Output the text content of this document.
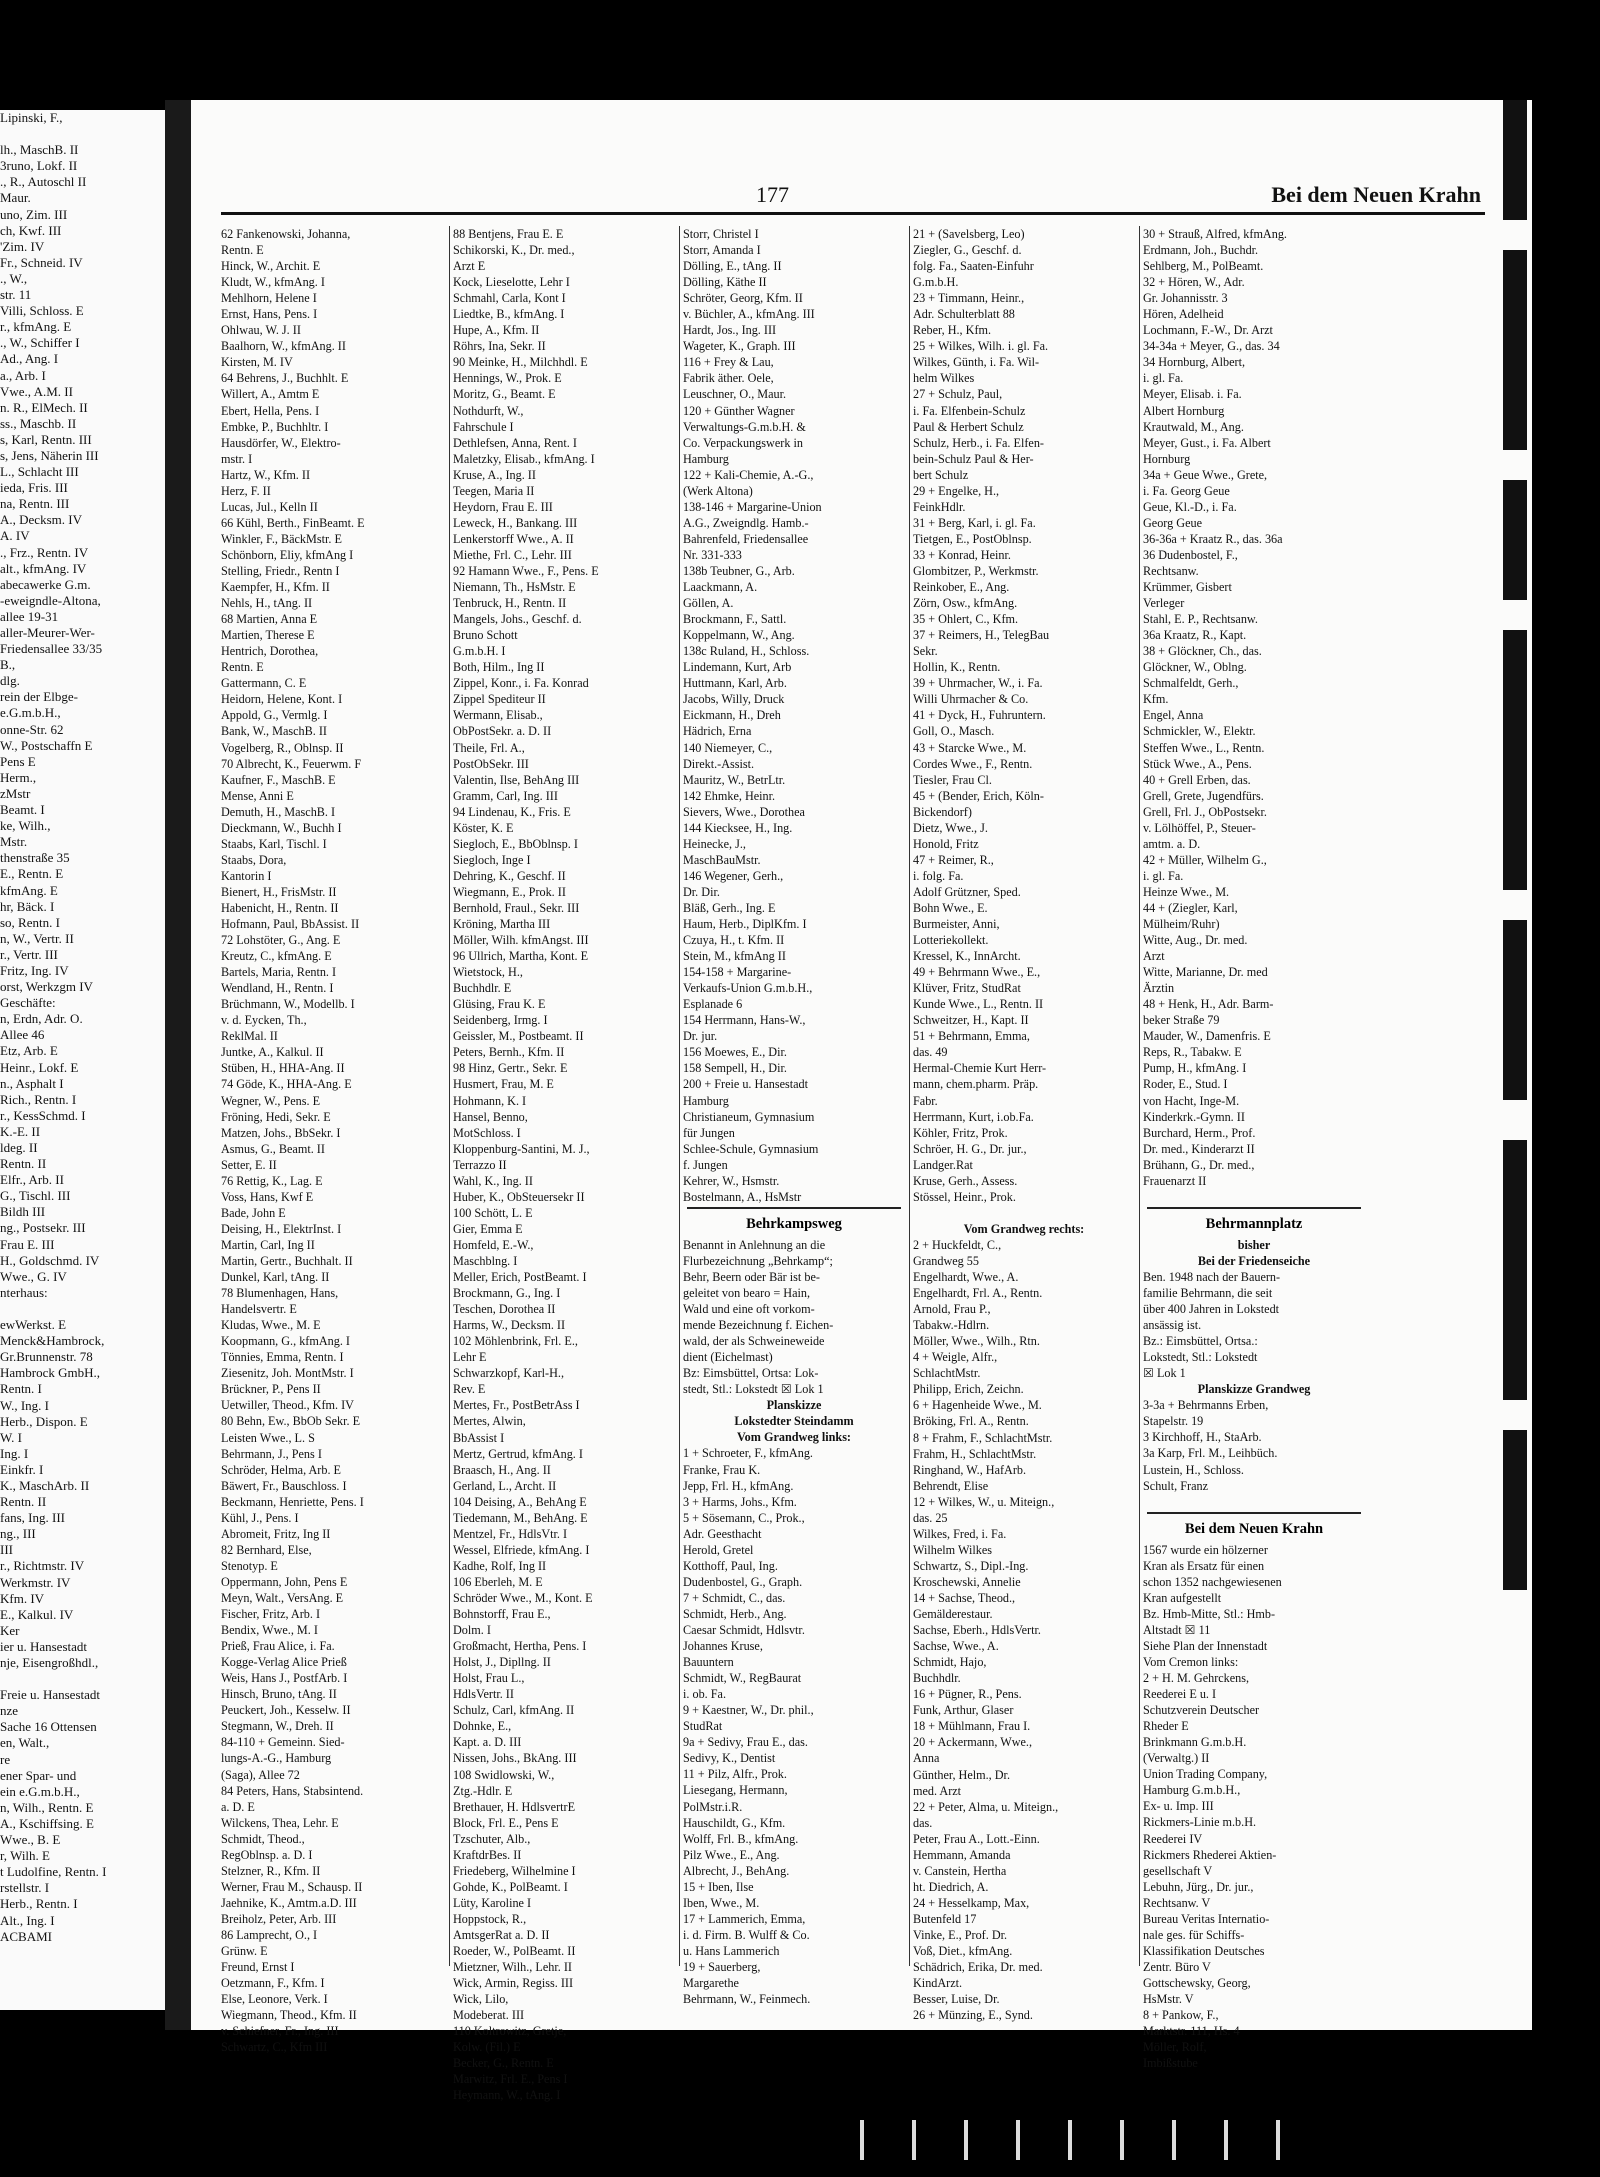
Lipinski, F.,

lh., MaschB. II
3runo, Lokf. II
., R., Autoschl II
Maur.
uno, Zim. III
ch, Kwf. III
'Zim. IV
Fr., Schneid. IV
., W.,
str. 11
Villi, Schloss. E
r., kfmAng. E
., W., Schiffer I
Ad., Ang. I
a., Arb. I
Vwe., A.M. II
n. R., ElMech. II
ss., Maschb. II
s, Karl, Rentn. III
s, Jens, Näherin III
L., Schlacht III
ieda, Fris. III
na, Rentn. III
A., Decksm. IV
A. IV
., Frz., Rentn. IV
alt., kfmAng. IV
abecawerke G.m.
-eweigndle-Altona,
allee 19-31
aller-Meurer-Wer-
Friedensallee 33/35
B.,
dlg.
rein der Elbge-
e.G.m.b.H.,
onne-Str. 62
W., Postschaffn E
Pens E
Herm.,
zMstr
Beamt. I
ke, Wilh.,
Mstr.
thenstraße 35
E., Rentn. E
kfmAng. E
hr, Bäck. I
so, Rentn. I
n, W., Vertr. II
r., Vertr. III
Fritz, Ing. IV
orst, Werkzgm IV
Geschäfte:
n, Erdn, Adr. O.
Allee 46
Etz, Arb. E
Heinr., Lokf. E
n., Asphalt I
Rich., Rentn. I
r., KessSchmd. I
K.-E. II
ldeg. II
Rentn. II
Elfr., Arb. II
G., Tischl. III
Bildh III
ng., Postsekr. III
Frau E. III
H., Goldschmd. IV
Wwe., G. IV
nterhaus:

ewWerkst. E
Menck&Hambrock,
Gr.Brunnenstr. 78
Hambrock GmbH.,
Rentn. I
W., Ing. I
Herb., Dispon. E
W. I
Ing. I
Einkfr. I
K., MaschArb. II
Rentn. II
fans, Ing. III
ng., III
III
r., Richtmstr. IV
Werkmstr. IV
Kfm. IV
E., Kalkul. IV
Ker
ier u. Hansestadt
nje, Eisengroßhdl.,

Freie u. Hansestadt
nze
Sache 16 Ottensen
en, Walt.,
re
ener Spar- und
ein e.G.m.b.H.,
n, Wilh., Rentn. E
A., Kschiffsing. E
Wwe., B. E
r, Wilh. E
t Ludolfine, Rentn. I
rstellstr. I
Herb., Rentn. I
Alt., Ing. I
ACBAMI
177	Bei dem Neuen Krahn
62 Fankenowski, Johanna,
Rentn. E
Hinck, W., Archit. E
Kludt, W., kfmAng. I
Mehlhorn, Helene I
Ernst, Hans, Pens. I
Ohlwau, W. J. II
Baalhorn, W., kfmAng. II
Kirsten, M. IV
64 Behrens, J., Buchhlt. E
Willert, A., Amtm E
Ebert, Hella, Pens. I
Embke, P., Buchhltr. I
Hausdörfer, W., Elektro-
mstr. I
Hartz, W., Kfm. II
Herz, F. II
Lucas, Jul., Kelln II
66 Kühl, Berth., FinBeamt. E
Winkler, F., BäckMstr. E
Schönborn, Eliy, kfmAng I
Stelling, Friedr., Rentn I
Kaempfer, H., Kfm. II
Nehls, H., tAng. II
68 Martien, Anna E
Martien, Therese E
Hentrich, Dorothea,
Rentn. E
Gattermann, C. E
Heidorn, Helene, Kont. I
Appold, G., Vermlg. I
Bank, W., MaschB. II
Vogelberg, R., Oblnsp. II
70 Albrecht, K., Feuerwm. F
Kaufner, F., MaschB. E
Mense, Anni E
Demuth, H., MaschB. I
Dieckmann, W., Buchh I
Staabs, Karl, Tischl. I
Staabs, Dora,
Kantorin I
Bienert, H., FrisMstr. II
Habenicht, H., Rentn. II
Hofmann, Paul, BbAssist. II
72 Lohstöter, G., Ang. E
Kreutz, C., kfmAng. E
Bartels, Maria, Rentn. I
Wendland, H., Rentn. I
Brüchmann, W., Modellb. I
v. d. Eycken, Th.,
ReklMal. II
Juntke, A., Kalkul. II
Stüben, H., HHA-Ang. II
74 Göde, K., HHA-Ang. E
Wegner, W., Pens. E
Fröning, Hedi, Sekr. E
Matzen, Johs., BbSekr. I
Asmus, G., Beamt. II
Setter, E. II
76 Rettig, K., Lag. E
Voss, Hans, Kwf E
Bade, John E
Deising, H., ElektrInst. I
Martin, Carl, Ing II
Martin, Gertr., Buchhalt. II
Dunkel, Karl, tAng. II
78 Blumenhagen, Hans,
Handelsvertr. E
Kludas, Wwe., M. E
Koopmann, G., kfmAng. I
Tönnies, Emma, Rentn. I
Ziesenitz, Joh. MontMstr. I
Brückner, P., Pens II
Uetwiller, Theod., Kfm. IV
80 Behn, Ew., BbOb Sekr. E
Leisten Wwe., L. S
Behrmann, J., Pens I
Schröder, Helma, Arb. E
Bäwert, Fr., Bauschloss. I
Beckmann, Henriette, Pens. I
Kühl, J., Pens. I
Abromeit, Fritz, Ing II
82 Bernhard, Else,
Stenotyp. E
Oppermann, John, Pens E
Meyn, Walt., VersAng. E
Fischer, Fritz, Arb. I
Bendix, Wwe., M. I
Prieß, Frau Alice, i. Fa.
Kogge-Verlag Alice Prieß
Weis, Hans J., PostfArb. I
Hinsch, Bruno, tAng. II
Peuckert, Joh., Kesselw. II
Stegmann, W., Dreh. II
84-110 + Gemeinn. Sied-
lungs-A.-G., Hamburg
(Saga), Allee 72
84 Peters, Hans, Stabsintend.
a. D. E
Wilckens, Thea, Lehr. E
Schmidt, Theod.,
RegOblnsp. a. D. I
Stelzner, R., Kfm. II
Werner, Frau M., Schausp. II
Jaehnike, K., Amtm.a.D. III
Breiholz, Peter, Arb. III
86 Lamprecht, O., I
Grünw. E
Freund, Ernst I
Oetzmann, F., Kfm. I
Else, Leonore, Verk. I
Wiegmann, Theod., Kfm. II
v. Schiefner, Fr., Ing. III
Schwartz, C., Kfm III
88 Bentjens, Frau E. E
Schikorski, K., Dr. med.,
Arzt E
Kock, Lieselotte, Lehr I
Schmahl, Carla, Kont I
Liedtke, B., kfmAng. I
Hupe, A., Kfm. II
Röhrs, Ina, Sekr. II
90 Meinke, H., Milchhdl. E
Hennings, W., Prok. E
Moritz, G., Beamt. E
Nothdurft, W.,
Fahrschule I
Dethlefsen, Anna, Rent. I
Maletzky, Elisab., kfmAng. I
Kruse, A., Ing. II
Teegen, Maria II
Heydorn, Frau E. III
Leweck, H., Bankang. III
Lenkerstorff Wwe., A. II
Miethe, Frl. C., Lehr. III
92 Hamann Wwe., F., Pens. E
Niemann, Th., HsMstr. E
Tenbruck, H., Rentn. II
Mangels, Johs., Geschf. d.
Bruno Schott
G.m.b.H. I
Both, Hilm., Ing II
Zippel, Konr., i. Fa. Konrad
Zippel Spediteur II
Wermann, Elisab.,
ObPostSekr. a. D. II
Theile, Frl. A.,
PostObSekr. III
Valentin, Ilse, BehAng III
Gramm, Carl, Ing. III
94 Lindenau, K., Fris. E
Köster, K. E
Siegloch, E., BbOblnsp. I
Siegloch, Inge I
Dehring, K., Geschf. II
Wiegmann, E., Prok. II
Bernhold, Fraul., Sekr. III
Kröning, Martha III
Möller, Wilh. kfmAngst. III
96 Ullrich, Martha, Kont. E
Wietstock, H.,
Buchhdlr. E
Glüsing, Frau K. E
Seidenberg, Irmg. I
Geissler, M., Postbeamt. II
Peters, Bernh., Kfm. II
98 Hinz, Gertr., Sekr. E
Husmert, Frau, M. E
Hohmann, K. I
Hansel, Benno,
MotSchloss. I
Kloppenburg-Santini, M. J.,
Terrazzo II
Wahl, K., Ing. II
Huber, K., ObSteuersekr II
100 Schött, L. E
Gier, Emma E
Homfeld, E.-W.,
Maschblng. I
Meller, Erich, PostBeamt. I
Brockmann, G., Ing. I
Teschen, Dorothea II
Harms, W., Decksm. II
102 Möhlenbrink, Frl. E.,
Lehr E
Schwarzkopf, Karl-H.,
Rev. E
Mertes, Fr., PostBetrAss I
Mertes, Alwin,
BbAssist I
Mertz, Gertrud, kfmAng. I
Braasch, H., Ang. II
Gerland, L., Archt. II
104 Deising, A., BehAng E
Tiedemann, M., BehAng. E
Mentzel, Fr., HdlsVtr. I
Wessel, Elfriede, kfmAng. I
Kadhe, Rolf, Ing II
106 Eberleh, M. E
Schröder Wwe., M., Kont. E
Bohnstorff, Frau E.,
Dolm. I
Großmacht, Hertha, Pens. I
Holst, J., Dipllng. II
Holst, Frau L.,
HdlsVertr. II
Schulz, Carl, kfmAng. II
Dohnke, E.,
Kapt. a. D. III
Nissen, Johs., BkAng. III
108 Swidlowski, W.,
Ztg.-Hdlr. E
Brethauer, H. HdlsvertrE
Block, Frl. E., Pens E
Tzschuter, Alb.,
KraftdrBes. II
Friedeberg, Wilhelmine I
Gohde, K., PolBeamt. I
Lüty, Karoline I
Hoppstock, R.,
AmtsgerRat a. D. II
Roeder, W., PolBeamt. II
Mietzner, Wilh., Lehr. II
Wick, Armin, Regiss. III
Wick, Lilo,
Modeberat. III
110 Koltrowitz, Gretje,
Kolw. (Fil.) E
Becker, G., Rentn. E
Marwitz, Frl. E., Pens I
Heymann, W., tAng. I
Storr, Christel I
Storr, Amanda I
Dölling, E., tAng. II
Dölling, Käthe II
Schröter, Georg, Kfm. II
v. Büchler, A., kfmAng. III
Hardt, Jos., Ing. III
Wageter, K., Graph. III
116 + Frey & Lau,
Fabrik äther. Oele,
Leuschner, O., Maur.
120 + Günther Wagner
Verwaltungs-G.m.b.H. &
Co. Verpackungswerk in
Hamburg
122 + Kali-Chemie, A.-G.,
(Werk Altona)
138-146 + Margarine-Union
A.G., Zweigndlg. Hamb.-
Bahrenfeld, Friedensallee
Nr. 331-333
138b Teubner, G., Arb.
Laackmann, A.
Göllen, A.
Brockmann, F., Sattl.
Koppelmann, W., Ang.
138c Ruland, H., Schloss.
Lindemann, Kurt, Arb
Huttmann, Karl, Arb.
Jacobs, Willy, Druck
Eickmann, H., Dreh
Hädrich, Erna
140 Niemeyer, C.,
Direkt.-Assist.
Mauritz, W., BetrLtr.
142 Ehmke, Heinr.
Sievers, Wwe., Dorothea
144 Kiecksee, H., Ing.
Heinecke, J.,
MaschBauMstr.
146 Wegener, Gerh.,
Dr. Dir.
Bläß, Gerh., Ing. E
Haum, Herb., DiplKfm. I
Czuya, H., t. Kfm. II
Stein, M., kfmAng II
154-158 + Margarine-
Verkaufs-Union G.m.b.H.,
Esplanade 6
154 Herrmann, Hans-W.,
Dr. jur.
156 Moewes, E., Dir.
158 Sempell, H., Dir.
200 + Freie u. Hansestadt
Hamburg
Christianeum, Gymnasium
für Jungen
Schlee-Schule, Gymnasium
f. Jungen
Kehrer, W., Hsmstr.
Bostelmann, A., HsMstr
Behrkampsweg
Benannt in Anlehnung an die
Flurbezeichnung „Behrkamp“;
Behr, Beern oder Bär ist be-
geleitet von bearo = Hain,
Wald und eine oft vorkom-
mende Bezeichnung f. Eichen-
wald, der als Schweineweide
dient (Eichelmast)
Bz: Eimsbüttel, Ortsa: Lok-
stedt, Stl.: Lokstedt ☒ Lok 1
Planskizze
Lokstedter Steindamm
Vom Grandweg links:
1 + Schroeter, F., kfmAng.
Franke, Frau K.
Jepp, Frl. H., kfmAng.
3 + Harms, Johs., Kfm.
5 + Sösemann, C., Prok.,
Adr. Geesthacht
Herold, Gretel
Kotthoff, Paul, Ing.
Dudenbostel, G., Graph.
7 + Schmidt, C., das.
Schmidt, Herb., Ang.
Caesar Schmidt, Hdlsvtr.
Johannes Kruse,
Bauuntern
Schmidt, W., RegBaurat
i. ob. Fa.
9 + Kaestner, W., Dr. phil.,
StudRat
9a + Sedivy, Frau E., das.
Sedivy, K., Dentist
11 + Pilz, Alfr., Prok.
Liesegang, Hermann,
PolMstr.i.R.
Hauschildt, G., Kfm.
Wolff, Frl. B., kfmAng.
Pilz Wwe., E., Ang.
Albrecht, J., BehAng.
15 + Iben, Ilse
Iben, Wwe., M.
17 + Lammerich, Emma,
i. d. Firm. B. Wulff & Co.
u. Hans Lammerich
19 + Sauerberg,
Margarethe
Behrmann, W., Feinmech.
21 + (Savelsberg, Leo)
Ziegler, G., Geschf. d.
folg. Fa., Saaten-Einfuhr
G.m.b.H.
23 + Timmann, Heinr.,
Adr. Schulterblatt 88
Reber, H., Kfm.
25 + Wilkes, Wilh. i. gl. Fa.
Wilkes, Günth, i. Fa. Wil-
helm Wilkes
27 + Schulz, Paul,
i. Fa. Elfenbein-Schulz
Paul & Herbert Schulz
Schulz, Herb., i. Fa. Elfen-
bein-Schulz Paul & Her-
bert Schulz
29 + Engelke, H.,
FeinkHdlr.
31 + Berg, Karl, i. gl. Fa.
Tietgen, E., PostOblnsp.
33 + Konrad, Heinr.
Glombitzer, P., Werkmstr.
Reinkober, E., Ang.
Zörn, Osw., kfmAng.
35 + Ohlert, C., Kfm.
37 + Reimers, H., TelegBau
Sekr.
Hollin, K., Rentn.
39 + Uhrmacher, W., i. Fa.
Willi Uhrmacher & Co.
41 + Dyck, H., Fuhruntern.
Goll, O., Masch.
43 + Starcke Wwe., M.
Cordes Wwe., F., Rentn.
Tiesler, Frau Cl.
45 + (Bender, Erich, Köln-
Bickendorf)
Dietz, Wwe., J.
Honold, Fritz
47 + Reimer, R.,
i. folg. Fa.
Adolf Grützner, Sped.
Bohn Wwe., E.
Burmeister, Anni,
Lotteriekollekt.
Kressel, K., InnArcht.
49 + Behrmann Wwe., E.,
Klüver, Fritz, StudRat
Kunde Wwe., L., Rentn. II
Schweitzer, H., Kapt. II
51 + Behrmann, Emma,
das. 49
Hermal-Chemie Kurt Herr-
mann, chem.pharm. Präp.
Fabr.
Herrmann, Kurt, i.ob.Fa.
Köhler, Fritz, Prok.
Schröer, H. G., Dr. jur.,
Landger.Rat
Kruse, Gerh., Assess.
Stössel, Heinr., Prok.

Vom Grandweg rechts:
2 + Huckfeldt, C.,
Grandweg 55
Engelhardt, Wwe., A.
Engelhardt, Frl. A., Rentn.
Arnold, Frau P.,
Tabakw.-Hdlrn.
Möller, Wwe., Wilh., Rtn.
4 + Weigle, Alfr.,
SchlachtMstr.
Philipp, Erich, Zeichn.
6 + Hagenheide Wwe., M.
Bröking, Frl. A., Rentn.
8 + Frahm, F., SchlachtMstr.
Frahm, H., SchlachtMstr.
Ringhand, W., HafArb.
Behrendt, Elise
12 + Wilkes, W., u. Miteign.,
das. 25
Wilkes, Fred, i. Fa.
Wilhelm Wilkes
Schwartz, S., Dipl.-Ing.
Kroschewski, Annelie
14 + Sachse, Theod.,
Gemälderestaur.
Sachse, Eberh., HdlsVertr.
Sachse, Wwe., A.
Schmidt, Hajo,
Buchhdlr.
16 + Pügner, R., Pens.
Funk, Arthur, Glaser
18 + Mühlmann, Frau I.
20 + Ackermann, Wwe.,
Anna
Günther, Helm., Dr.
med. Arzt
22 + Peter, Alma, u. Miteign.,
das.
Peter, Frau A., Lott.-Einn.
Hemmann, Amanda
v. Canstein, Hertha
ht. Diedrich, A.
24 + Hesselkamp, Max,
Butenfeld 17
Vinke, E., Prof. Dr.
Voß, Diet., kfmAng.
Schädrich, Erika, Dr. med.
KindArzt.
Besser, Luise, Dr.
26 + Münzing, E., Synd.
30 + Strauß, Alfred, kfmAng.
Erdmann, Joh., Buchdr.
Sehlberg, M., PolBeamt.
32 + Hören, W., Adr.
Gr. Johannisstr. 3
Hören, Adelheid
Lochmann, F.-W., Dr. Arzt
34-34a + Meyer, G., das. 34
34 Hornburg, Albert,
i. gl. Fa.
Meyer, Elisab. i. Fa.
Albert Hornburg
Krautwald, M., Ang.
Meyer, Gust., i. Fa. Albert
Hornburg
34a + Geue Wwe., Grete,
i. Fa. Georg Geue
Geue, Kl.-D., i. Fa.
Georg Geue
36-36a + Kraatz R., das. 36a
36 Dudenbostel, F.,
Rechtsanw.
Krümmer, Gisbert
Verleger
Stahl, E. P., Rechtsanw.
36a Kraatz, R., Kapt.
38 + Glöckner, Ch., das.
Glöckner, W., Oblng.
Schmalfeldt, Gerh.,
Kfm.
Engel, Anna
Schmickler, W., Elektr.
Steffen Wwe., L., Rentn.
Stück Wwe., A., Pens.
40 + Grell Erben, das.
Grell, Grete, Jugendfürs.
Grell, Frl. J., ObPostsekr.
v. Lölhöffel, P., Steuer-
amtm. a. D.
42 + Müller, Wilhelm G.,
i. gl. Fa.
Heinze Wwe., M.
44 + (Ziegler, Karl,
Mülheim/Ruhr)
Witte, Aug., Dr. med.
Arzt
Witte, Marianne, Dr. med
Ärztin
48 + Henk, H., Adr. Barm-
beker Straße 79
Mauder, W., Damenfris. E
Reps, R., Tabakw. E
Pump, H., kfmAng. I
Roder, E., Stud. I
von Hacht, Inge-M.
Kinderkrk.-Gymn. II
Burchard, Herm., Prof.
Dr. med., Kinderarzt II
Brühann, G., Dr. med.,
Frauenarzt II

Behrmannplatz
bisher
Bei der Friedenseiche
Ben. 1948 nach der Bauern-
familie Behrmann, die seit
über 400 Jahren in Lokstedt
ansässig ist.
Bz.: Eimsbüttel, Ortsa.:
Lokstedt, Stl.: Lokstedt
☒ Lok 1
Planskizze Grandweg
3-3a + Behrmanns Erben,
Stapelstr. 19
3 Kirchhoff, H., StaArb.
3a Karp, Frl. M., Leihbüch.
Lustein, H., Schloss.
Schult, Franz

Bei dem Neuen Krahn
1567 wurde ein hölzerner
Kran als Ersatz für einen
schon 1352 nachgewiesenen
Kran aufgestellt
Bz. Hmb-Mitte, Stl.: Hmb-
Altstadt ☒ 11
Siehe Plan der Innenstadt
Vom Cremon links:
2 + H. M. Gehrckens,
Reederei E u. I
Schutzverein Deutscher
Rheder E
Brinkmann G.m.b.H.
(Verwaltg.) II
Union Trading Company,
Hamburg G.m.b.H.,
Ex- u. Imp. III
Rickmers-Linie m.b.H.
Reederei IV
Rickmers Rhederei Aktien-
gesellschaft V
Lebuhn, Jürg., Dr. jur.,
Rechtsanw. V
Bureau Veritas Internatio-
nale ges. für Schiffs-
Klassifikation Deutsches
Zentr. Büro V
Gottschewsky, Georg,
HsMstr. V
8 + Pankow, F.,
Marktstr. 111, Hs. 4
Möller, Rolf,
Imbißstube
